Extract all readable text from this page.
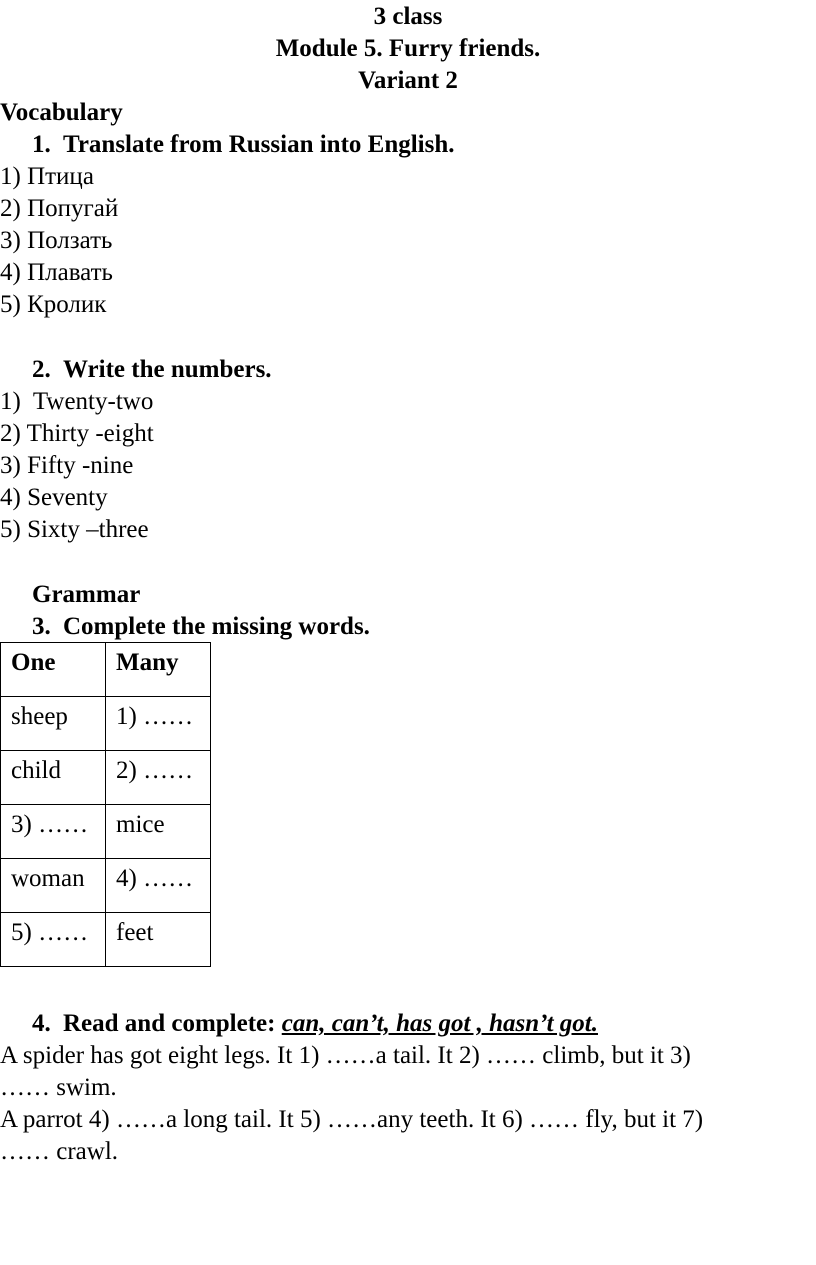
3 class
Module 5. Furry friends.
Variant 2
Vocabulary
1. Translate from Russian into English.
1) Птица
2) Попугай
3) Ползать
4) Плавать
5) Кролик
2. Write the numbers.
1)  Twenty-two
2) Thirty -eight
3) Fifty -nine
4) Seventy
5) Sixty –three
Grammar
3. Complete the missing words.
One	Many
sheep	1) ……
child	2) ……
3) ……	mice
woman	4) ……
5) ……	feet
4. Read and complete: can, can’t, has got , hasn’t got.
A spider has got eight legs. It 1) ……a tail. It 2) …… climb, but it 3)
…… swim.
A parrot 4) ……a long tail. It 5) ……any teeth. It 6) …… fly, but it 7)
…… crawl.
